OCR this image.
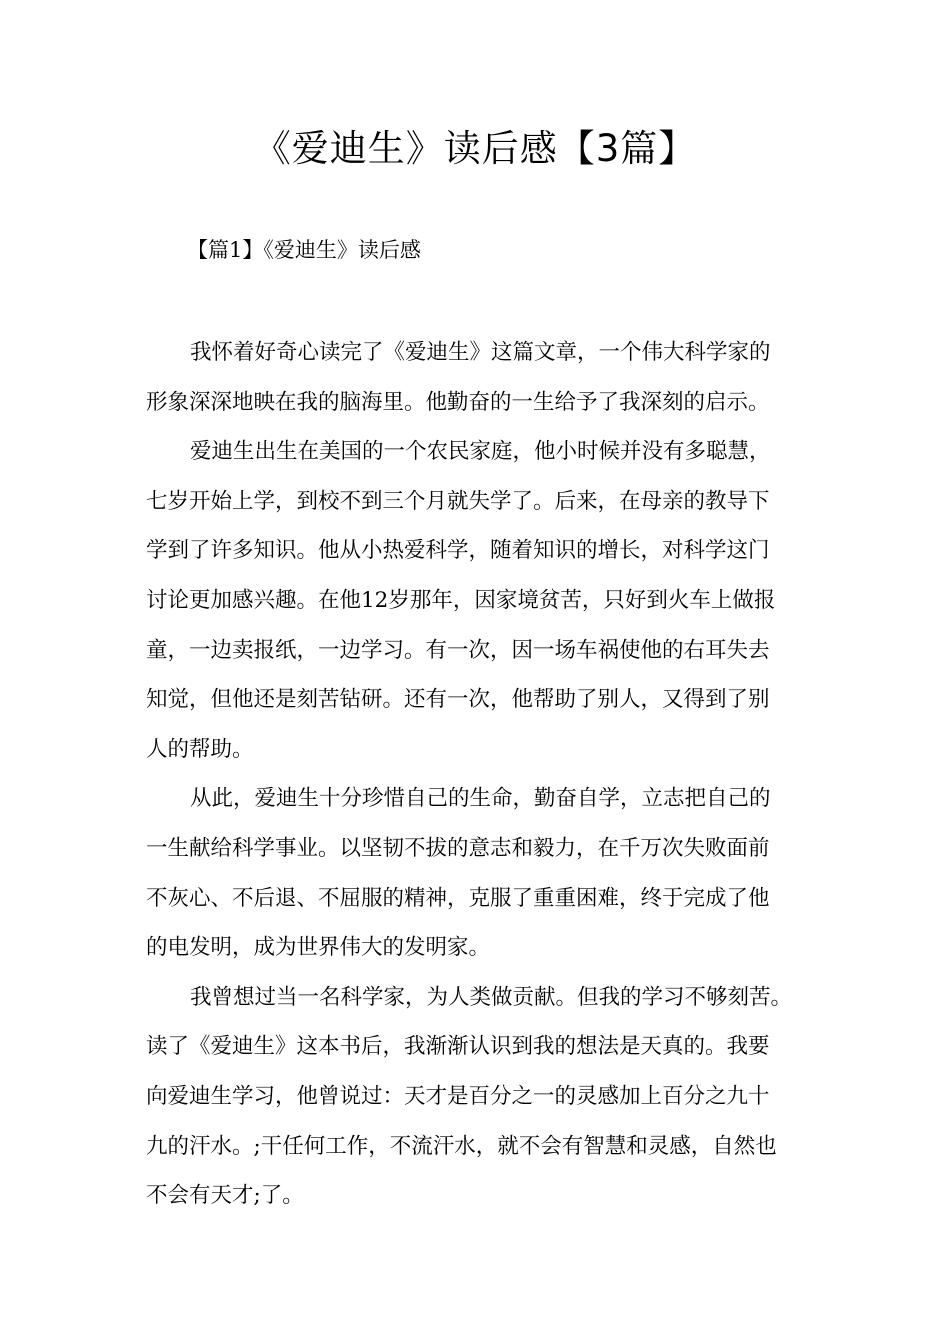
《爱迪生》读后感【3篇】
【篇1】《爱迪生》读后感

我怀着好奇心读完了《爱迪生》这篇文章，一个伟大科学家的
形象深深地映在我的脑海里。他勤奋的一生给予了我深刻的启示。

爱迪生出生在美国的一个农民家庭，他小时候并没有多聪慧，
七岁开始上学，到校不到三个月就失学了。后来，在母亲的教导下
学到了许多知识。他从小热爱科学，随着知识的增长，对科学这门
讨论更加感兴趣。在他12岁那年，因家境贫苦，只好到火车上做报
童，一边卖报纸，一边学习。有一次，因一场车祸使他的右耳失去
知觉，但他还是刻苦钻研。还有一次，他帮助了别人，又得到了别
人的帮助。

从此，爱迪生十分珍惜自己的生命，勤奋自学，立志把自己的
一生献给科学事业。以坚韧不拔的意志和毅力，在千万次失败面前
不灰心、不后退、不屈服的精神，克服了重重困难，终于完成了他
的电发明，成为世界伟大的发明家。

我曾想过当一名科学家，为人类做贡献。但我的学习不够刻苦。
读了《爱迪生》这本书后，我渐渐认识到我的想法是天真的。我要
向爱迪生学习，他曾说过：天才是百分之一的灵感加上百分之九十
九的汗水。;干任何工作，不流汗水，就不会有智慧和灵感，自然也
不会有天才;了。
